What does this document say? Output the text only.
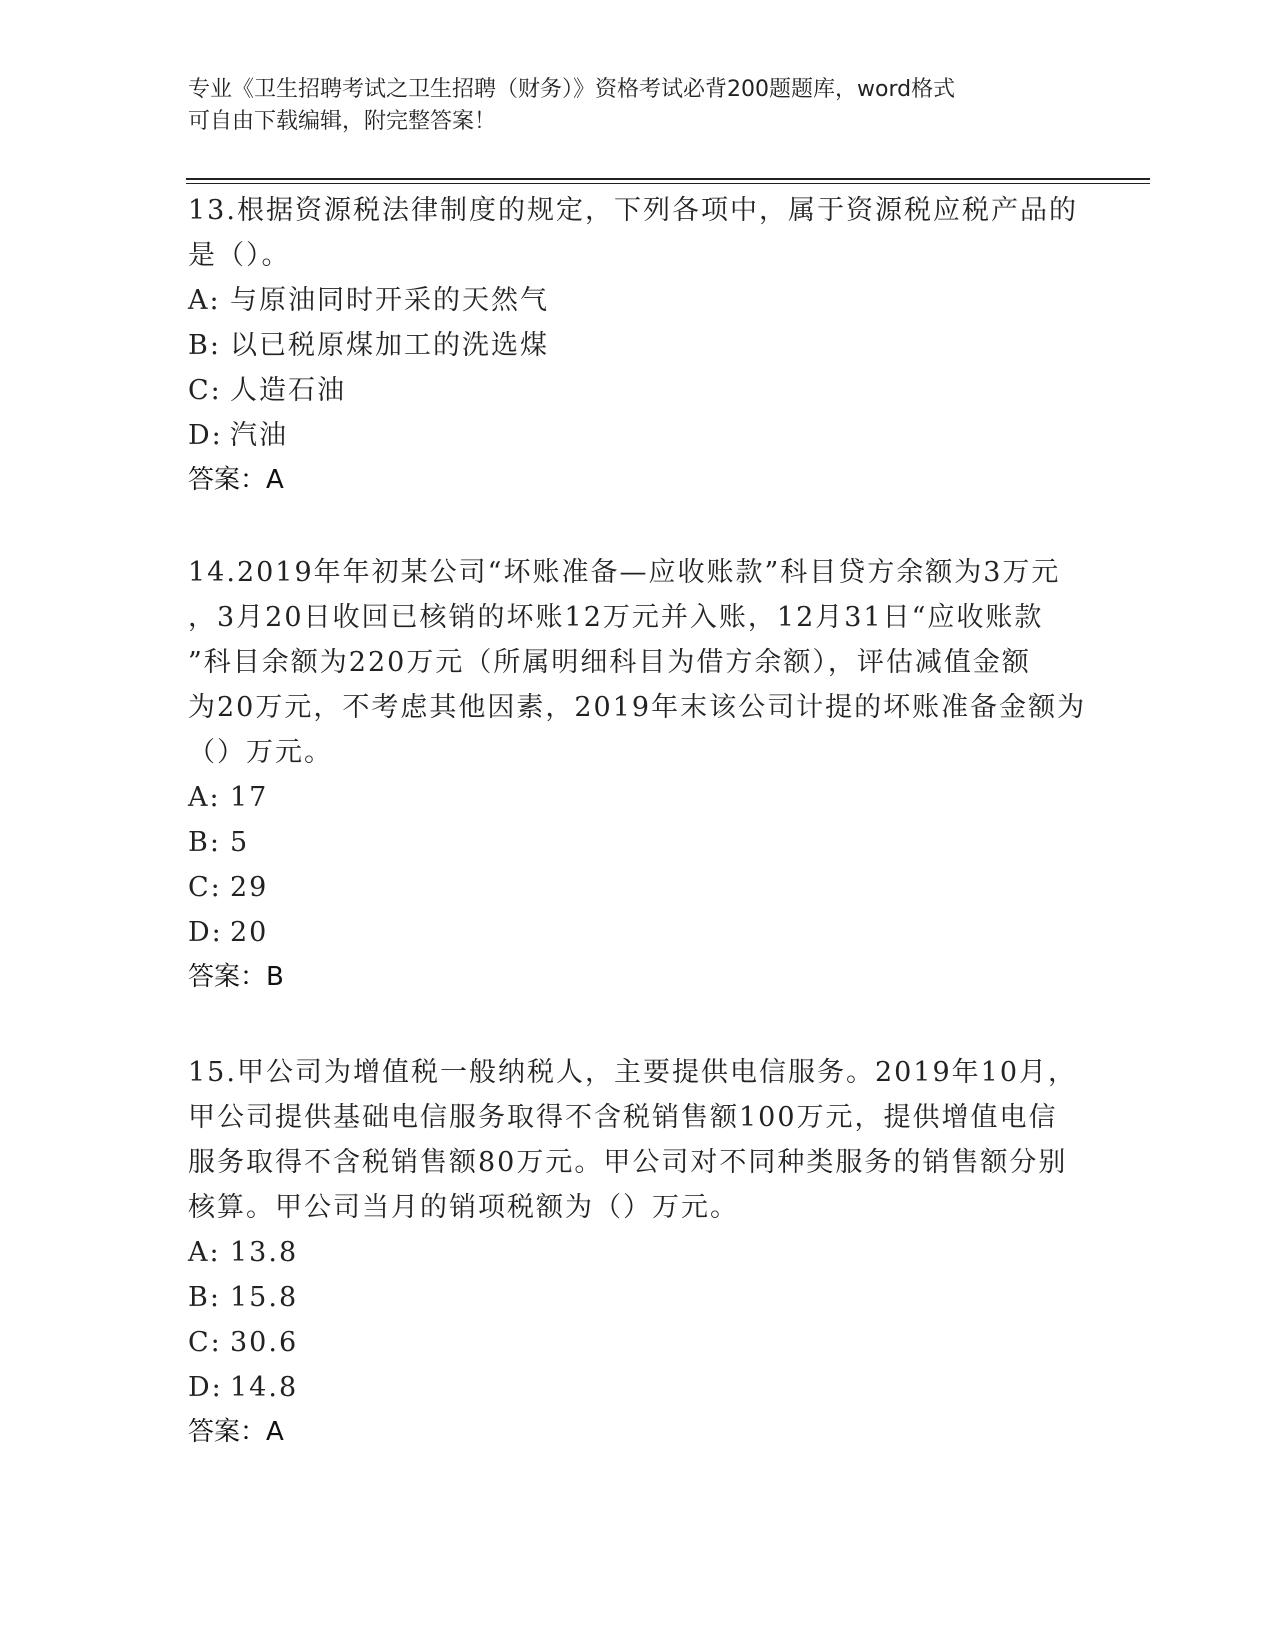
专业《卫生招聘考试之卫生招聘（财务）》资格考试必背200题题库，word格式
可自由下载编辑，附完整答案！
13.根据资源税法律制度的规定，下列各项中，属于资源税应税产品的
是（）。
A: 与原油同时开采的天然气
B: 以已税原煤加工的洗选煤
C: 人造石油
D: 汽油
答案：A
14.2019年年初某公司“坏账准备—应收账款”科目贷方余额为3万元
，3月20日收回已核销的坏账12万元并入账，12月31日“应收账款
”科目余额为220万元（所属明细科目为借方余额），评估减值金额
为20万元，不考虑其他因素，2019年末该公司计提的坏账准备金额为
（）万元。
A: 17
B: 5
C: 29
D: 20
答案：B
15.甲公司为增值税一般纳税人，主要提供电信服务。2019年10月，
甲公司提供基础电信服务取得不含税销售额100万元，提供增值电信
服务取得不含税销售额80万元。甲公司对不同种类服务的销售额分别
核算。甲公司当月的销项税额为（）万元。
A: 13.8
B: 15.8
C: 30.6
D: 14.8
答案：A
